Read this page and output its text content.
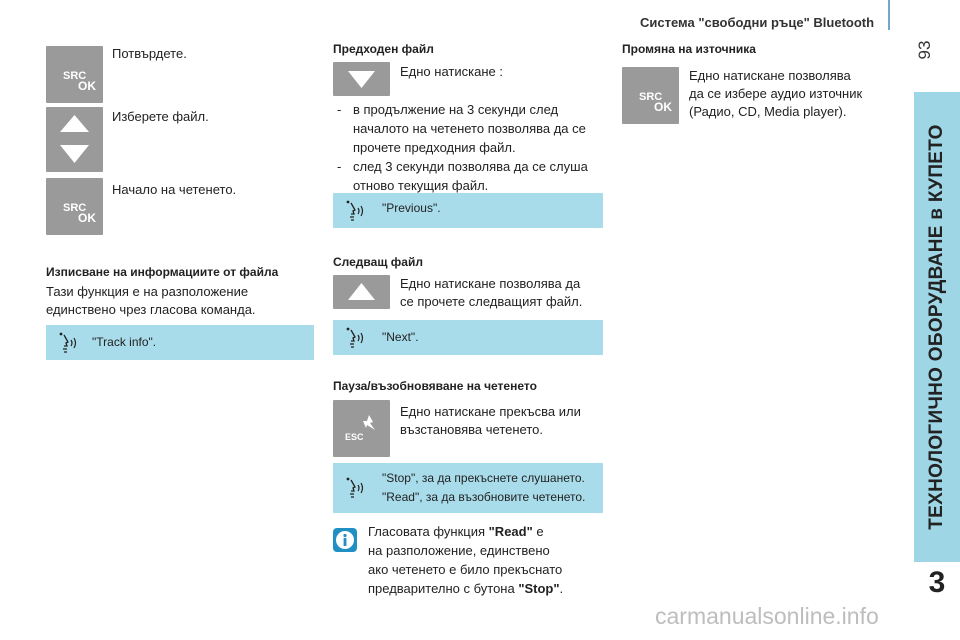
Система "свободни ръце" Bluetooth
93
ТЕХНОЛОГИЧНО ОБОРУДВАНЕ в КУПЕТО
3
SRC
OK
Потвърдете.
Изберете файл.
SRC
OK
Начало на четенето.
Изписване на информациите от файла
Тази функция е на разположение
единствено чрез гласова команда.
"Track info".
Предходен файл
Едно натискане :
- в продължение на 3 секунди след
началото на четенето позволява да се
прочете предходния файл.
- след 3 секунди позволява да се слуша
отново текущия файл.
"Previous".
Следващ файл
Едно натискане позволява да
се прочете следващият файл.
"Next".
Пауза/възобновяване на четенето
ESC
Едно натискане прекъсва или
възстановява четенето.
"Stop", за да прекъснете слушането.
"Read", за да възобновите четенето.
Гласовата функция "Read" е
на разположение, единствено
ако четенето е било прекъснато
предварително с бутона "Stop".
Промяна на източника
SRC
OK
Едно натискане позволява
да се избере аудио източник
(Радио, CD, Media player).
carmanualsonline.info
